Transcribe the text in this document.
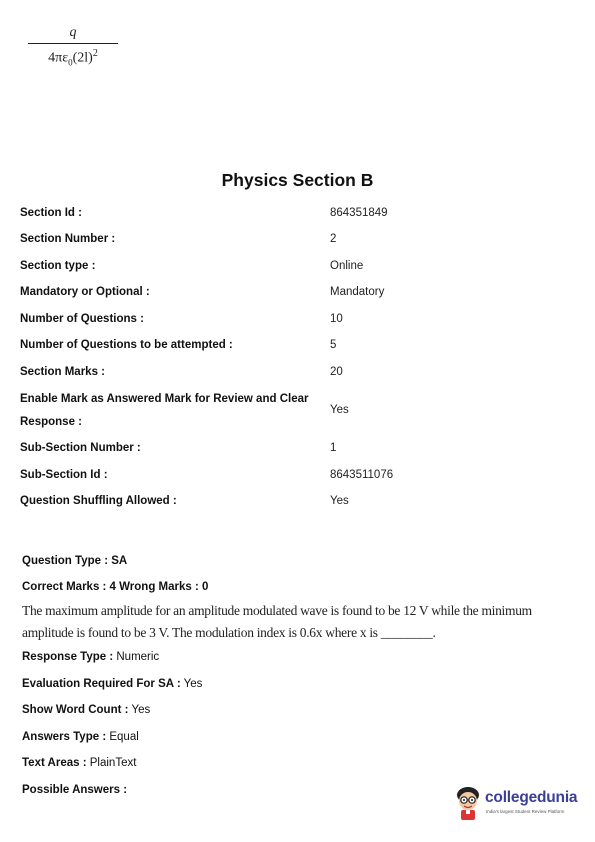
q
$4\pi\varepsilon_0(2l)^2$
Physics Section B
Section Id :	864351849
Section Number :	2
Section type :	Online
Mandatory or Optional :	Mandatory
Number of Questions :	10
Number of Questions to be attempted :	5
Section Marks :	20
Enable Mark as Answered Mark for Review and Clear Response :
Yes
Sub-Section Number :	1
Sub-Section Id :	8643511076
Question Shuffling Allowed :	Yes
Question Type : SA
Correct Marks : 4 Wrong Marks : 0
The maximum amplitude for an amplitude modulated wave is found to be 12 V while the minimum amplitude is found to be 3 V. The modulation index is 0.6x where x is ________.
Response Type : Numeric
Evaluation Required For SA : Yes
Show Word Count : Yes
Answers Type : Equal
Text Areas : PlainText
Possible Answers :	collegedunia
India's largest Student Review Platform
